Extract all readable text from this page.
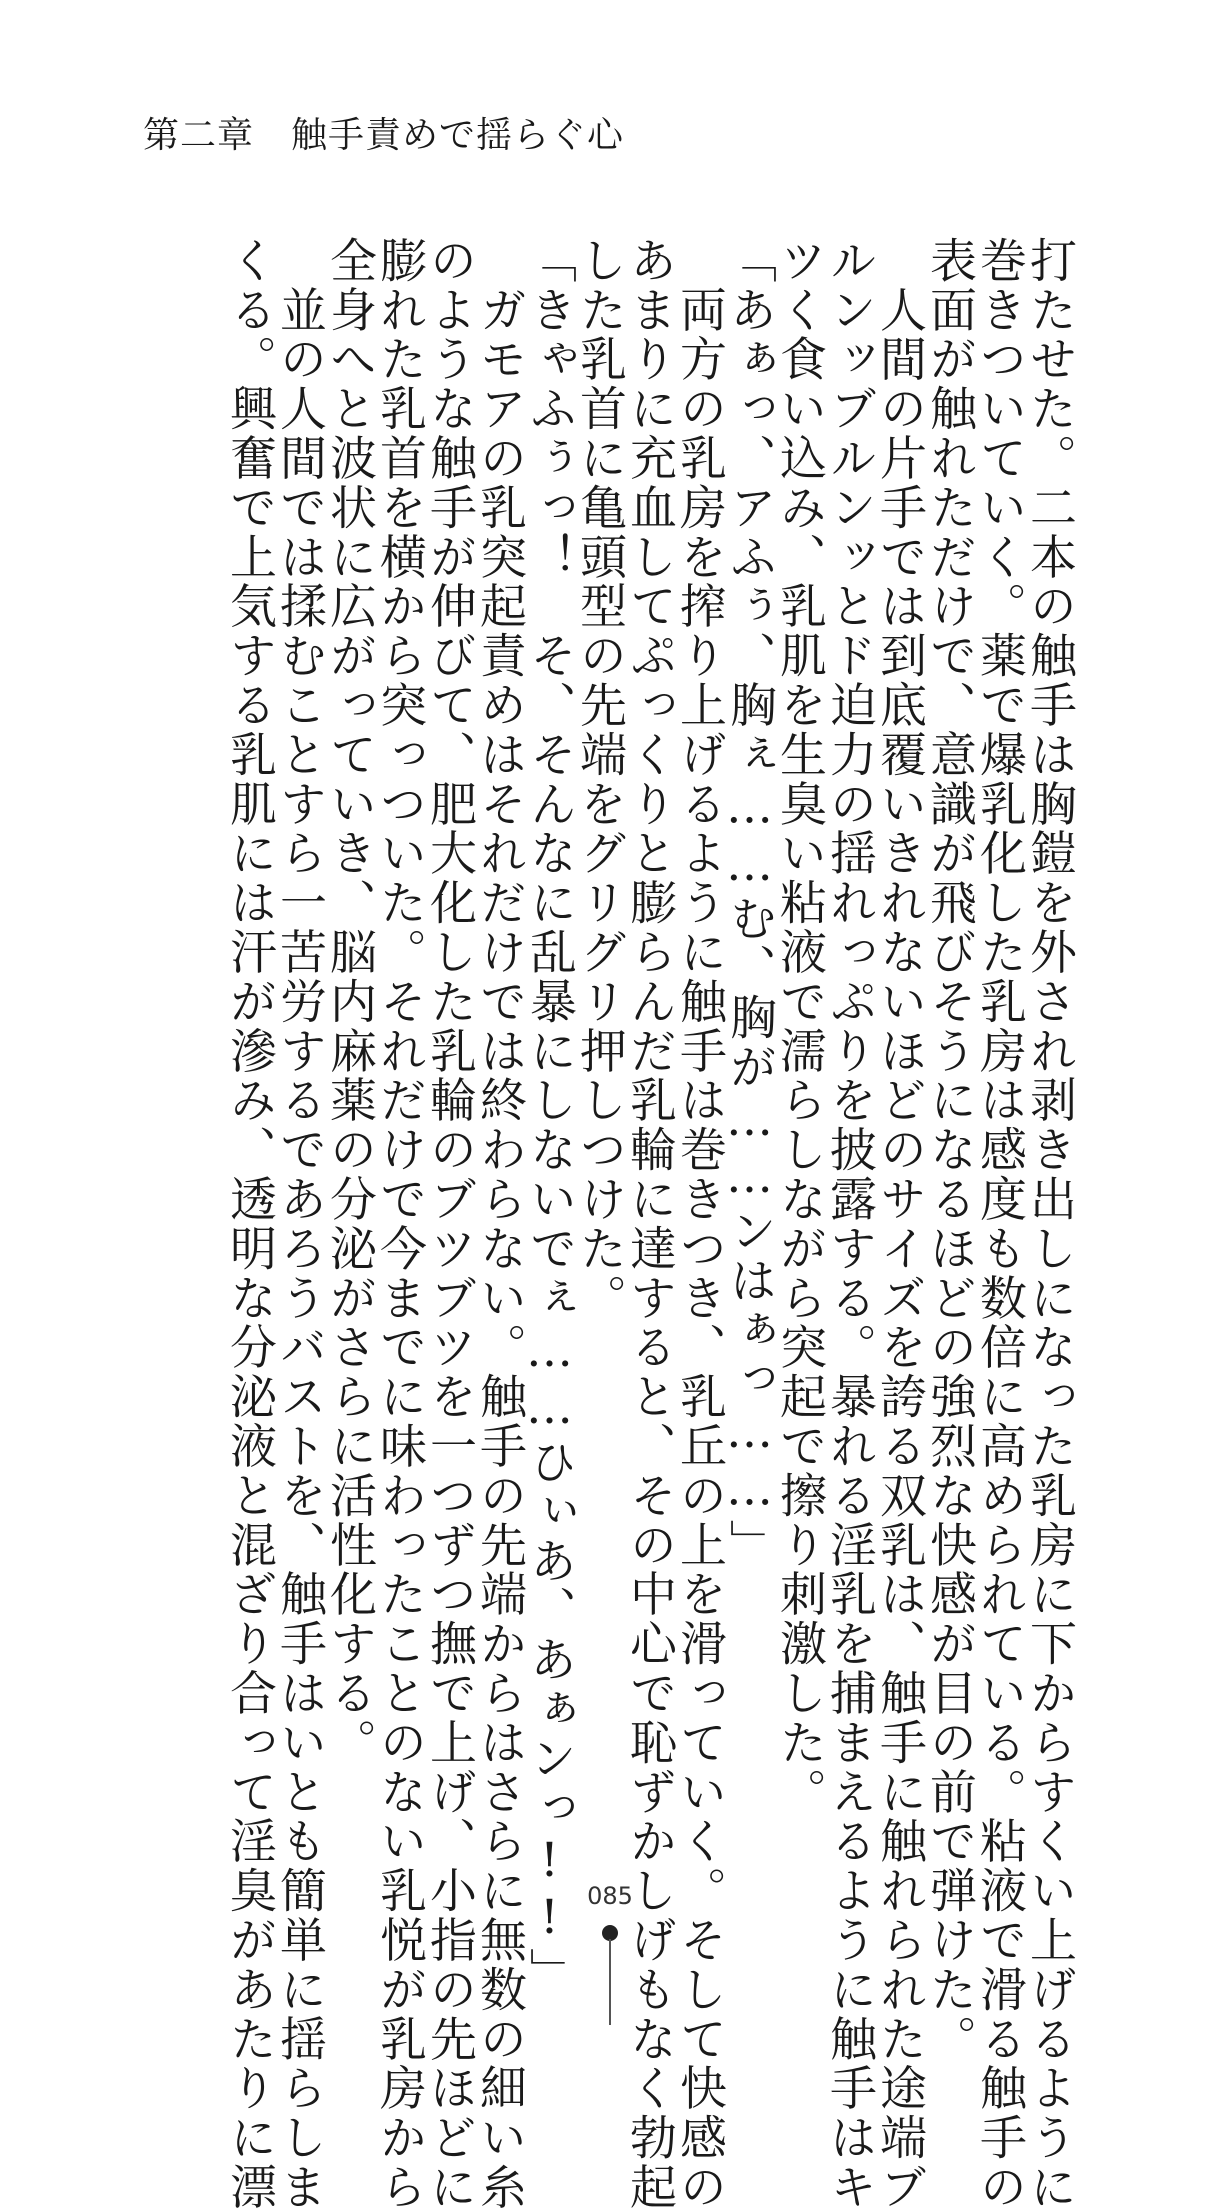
第二章　触手責めで揺らぐ心

打たせた。二本の触手は胸鎧を外され剥き出しになった乳房に下からすくい上げるように

巻きついていく。薬で爆乳化した乳房は感度も数倍に高められている。粘液で滑る触手の

表面が触れただけで、意識が飛びそうになるほどの強烈な快感が目の前で弾けた。

　人間の片手では到底覆いきれないほどのサイズを誇る双乳は、触手に触れられた途端ブ

ルンッブルンッとド迫力の揺れっぷりを披露する。暴れる淫乳を捕まえるように触手はキ

ツく食い込み、乳肌を生臭い粘液で濡らしながら突起で擦り刺激した。

「あぁっ、アふぅ、胸ぇ……む、胸が……ンはぁっ……」

　両方の乳房を搾り上げるように触手は巻きつき、乳丘の上を滑っていく。そして快感の

あまりに充血してぷっくりと膨らんだ乳輪に達すると、その中心で恥ずかしげもなく勃起

した乳首に亀頭型の先端をグリグリ押しつけた。

「きゃふぅっ！　そ、そんなに乱暴にしないでぇ……ひぃあ、あぁンっ!!」

　ガモアの乳突起責めはそれだけでは終わらない。触手の先端からはさらに無数の細い糸

のような触手が伸びて、肥大化した乳輪のブツブツを一つずつ撫で上げ、小指の先ほどに

膨れた乳首を横から突っついた。それだけで今までに味わったことのない乳悦が乳房から

全身へと波状に広がっていき、脳内麻薬の分泌がさらに活性化する。

　並の人間では揉むことすら一苦労するであろうバストを、触手はいとも簡単に揺らしま

くる。興奮で上気する乳肌には汗が滲み、透明な分泌液と混ざり合って淫臭があたりに漂	085
